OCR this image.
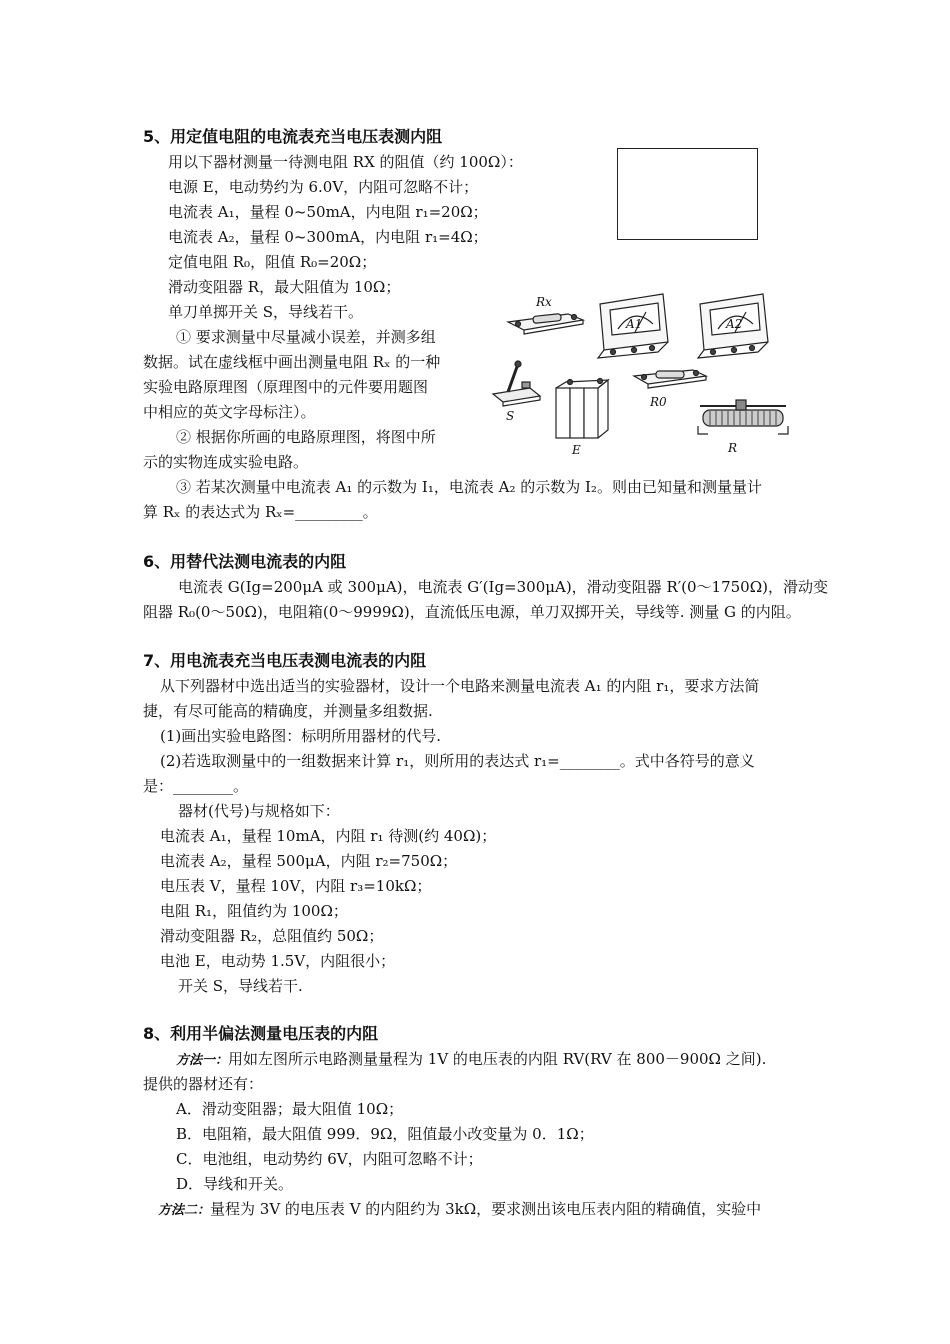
5、用定值电阻的电流表充当电压表测内阻
用以下器材测量一待测电阻 RX 的阻值（约 100Ω）：
电源 E，电动势约为 6.0V，内阻可忽略不计；
电流表 A₁，量程 0~50mA，内电阻 r₁=20Ω；
电流表 A₂，量程 0~300mA，内电阻 r₁=4Ω；
定值电阻 R₀，阻值 R₀=20Ω；
滑动变阻器 R，最大阻值为 10Ω；
单刀单掷开关 S，导线若干。
① 要求测量中尽量减小误差，并测多组
数据。试在虚线框中画出测量电阻 Rₓ 的一种
实验电路原理图（原理图中的元件要用题图
中相应的英文字母标注）。
② 根据你所画的电路原理图，将图中所
示的实物连成实验电路。
③ 若某次测量中电流表 A₁ 的示数为 I₁，电流表 A₂ 的示数为 I₂。则由已知量和测量量计
算 Rₓ 的表达式为 Rₓ=_________。
Rx
A1	A2
S
E
R0
R
6、用替代法测电流表的内阻
电流表 G(Ig=200μA 或 300μA)，电流表 G′(Ig=300μA)，滑动变阻器 R′(0～1750Ω)，滑动变
阻器 R₀(0～50Ω)，电阻箱(0～9999Ω)，直流低压电源，单刀双掷开关，导线等. 测量 G 的内阻。
7、用电流表充当电压表测电流表的内阻
从下列器材中选出适当的实验器材，设计一个电路来测量电流表 A₁ 的内阻 r₁，要求方法简
捷，有尽可能高的精确度，并测量多组数据.
(1)画出实验电路图：标明所用器材的代号.
(2)若选取测量中的一组数据来计算 r₁，则所用的表达式 r₁=________。式中各符号的意义
是：________。
器材(代号)与规格如下：
电流表 A₁，量程 10mA，内阻 r₁ 待测(约 40Ω)；
电流表 A₂，量程 500μA，内阻 r₂=750Ω；
电压表 V，量程 10V，内阻 r₃=10kΩ；
电阻 R₁，阻值约为 100Ω；
滑动变阻器 R₂，总阻值约 50Ω；
电池 E，电动势 1.5V，内阻很小；
开关 S，导线若干.
8、利用半偏法测量电压表的内阻
方法一：用如左图所示电路测量量程为 1V 的电压表的内阻 RV(RV 在 800－900Ω 之间).
提供的器材还有：
A．滑动变阻器；最大阻值 10Ω；
B．电阻箱，最大阻值 999．9Ω，阻值最小改变量为 0．1Ω；
C．电池组，电动势约 6V，内阻可忽略不计；
D．导线和开关。
方法二：量程为 3V 的电压表 V 的内阻约为 3kΩ，要求测出该电压表内阻的精确值，实验中
